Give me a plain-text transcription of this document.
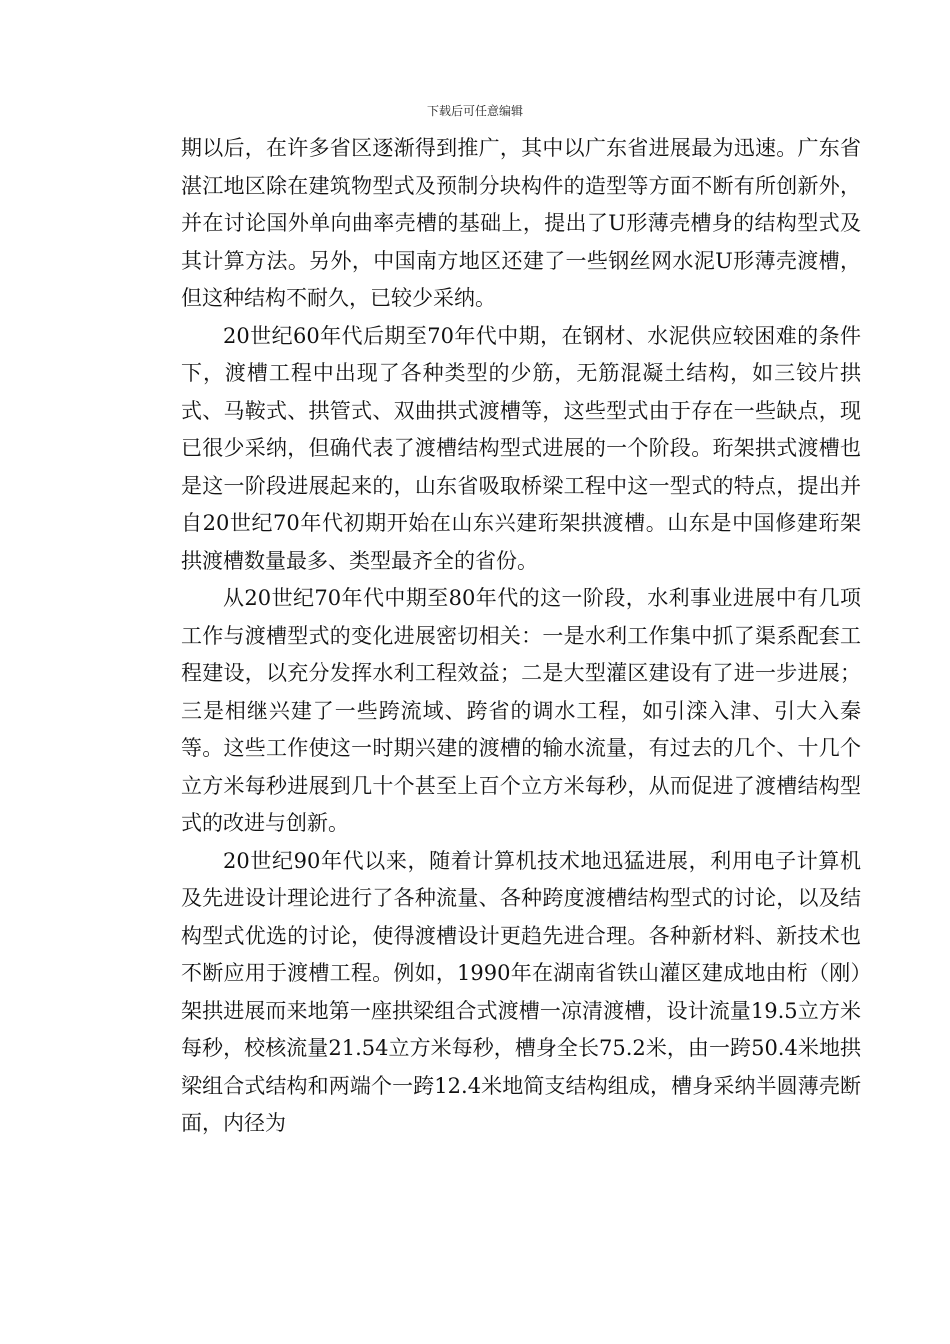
下载后可任意编辑

期以后，在许多省区逐渐得到推广，其中以广东省进展最为迅速。广东省湛江地区除在建筑物型式及预制分块构件的造型等方面不断有所创新外，并在讨论国外单向曲率壳槽的基础上，提出了U形薄壳槽身的结构型式及其计算方法。另外，中国南方地区还建了一些钢丝网水泥U形薄壳渡槽，但这种结构不耐久，已较少采纳。

20世纪60年代后期至70年代中期，在钢材、水泥供应较困难的条件下，渡槽工程中出现了各种类型的少筋，无筋混凝土结构，如三铰片拱式、马鞍式、拱管式、双曲拱式渡槽等，这些型式由于存在一些缺点，现已很少采纳，但确代表了渡槽结构型式进展的一个阶段。珩架拱式渡槽也是这一阶段进展起来的，山东省吸取桥梁工程中这一型式的特点，提出并自20世纪70年代初期开始在山东兴建珩架拱渡槽。山东是中国修建珩架拱渡槽数量最多、类型最齐全的省份。

从20世纪70年代中期至80年代的这一阶段，水利事业进展中有几项工作与渡槽型式的变化进展密切相关：一是水利工作集中抓了渠系配套工程建设，以充分发挥水利工程效益；二是大型灌区建设有了进一步进展；三是相继兴建了一些跨流域、跨省的调水工程，如引滦入津、引大入秦等。这些工作使这一时期兴建的渡槽的输水流量，有过去的几个、十几个立方米每秒进展到几十个甚至上百个立方米每秒，从而促进了渡槽结构型式的改进与创新。

20世纪90年代以来，随着计算机技术地迅猛进展，利用电子计算机及先进设计理论进行了各种流量、各种跨度渡槽结构型式的讨论，以及结构型式优选的讨论，使得渡槽设计更趋先进合理。各种新材料、新技术也不断应用于渡槽工程。例如，1990年在湖南省铁山灌区建成地由桁（刚）架拱进展而来地第一座拱梁组合式渡槽一凉清渡槽，设计流量19.5立方米每秒，校核流量21.54立方米每秒，槽身全长75.2米，由一跨50.4米地拱梁组合式结构和两端个一跨12.4米地简支结构组成，槽身采纳半圆薄壳断面，内径为
